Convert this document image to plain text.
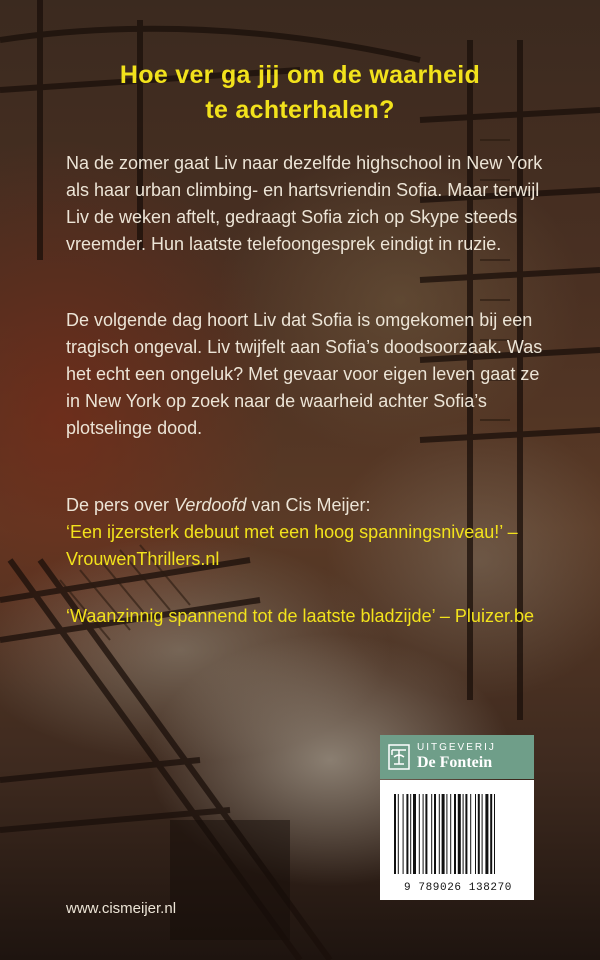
Hoe ver ga jij om de waarheid
te achterhalen?
Na de zomer gaat Liv naar dezelfde highschool in New York als haar urban climbing- en hartsvriendin Sofia. Maar terwijl Liv de weken aftelt, gedraagt Sofia zich op Skype steeds vreemder. Hun laatste telefoongesprek eindigt in ruzie.
De volgende dag hoort Liv dat Sofia is omgekomen bij een tragisch ongeval. Liv twijfelt aan Sofia’s doodsoorzaak. Was het echt een ongeluk? Met gevaar voor eigen leven gaat ze in New York op zoek naar de waarheid achter Sofia’s plotselinge dood.
De pers over Verdoofd van Cis Meijer:
‘Een ijzersterk debuut met een hoog spanningsniveau!’ – VrouwenThrillers.nl
‘Waanzinnig spannend tot de laatste bladzijde’ – Pluizer.be
UITGEVERIJ
De Fontein
9 789026 138270
www.cismeijer.nl
